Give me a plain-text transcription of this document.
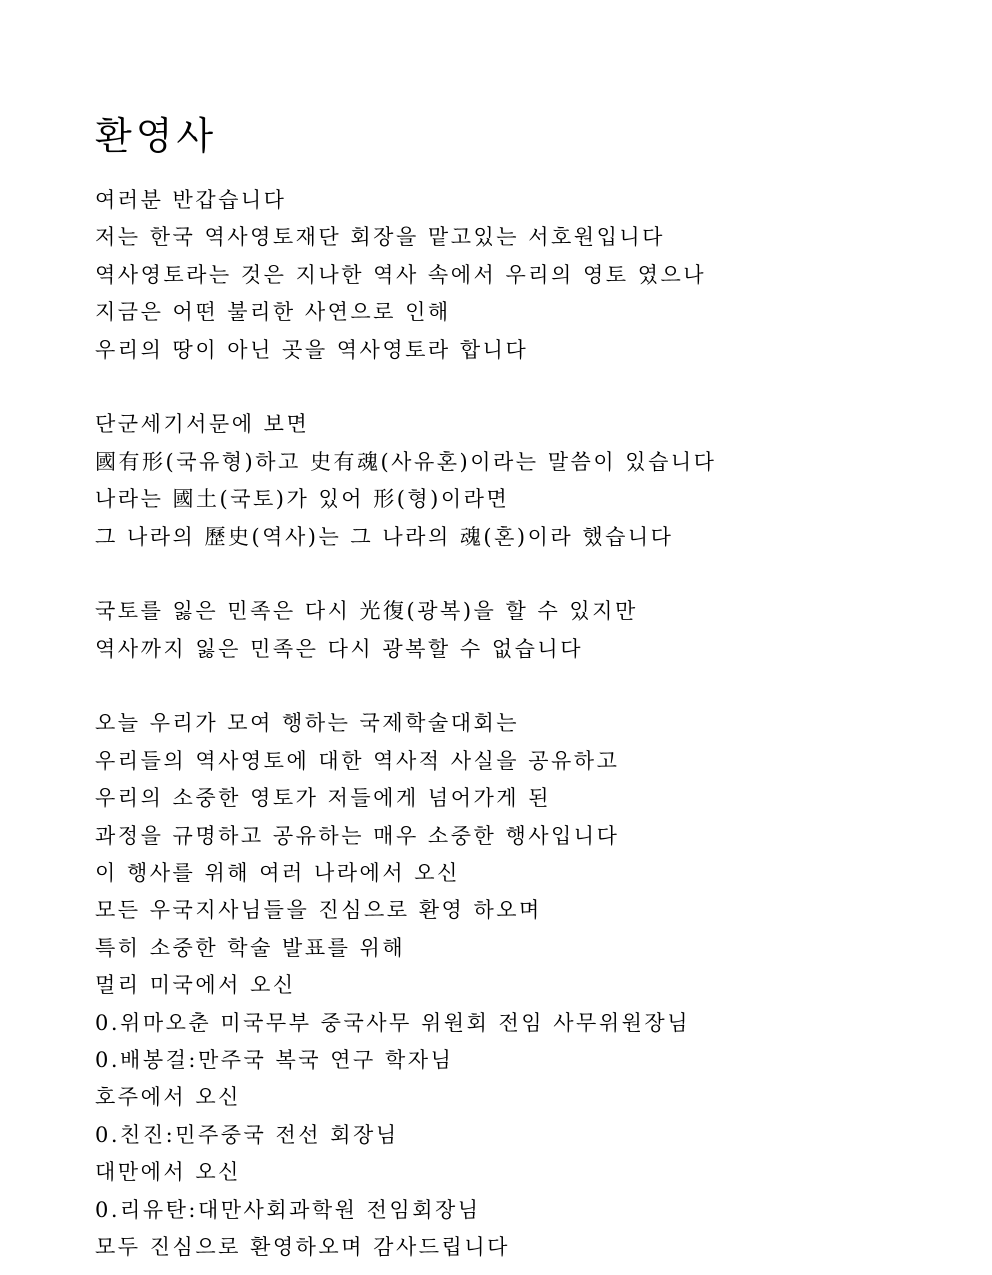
환영사
여러분 반갑습니다
저는 한국 역사영토재단 회장을 맡고있는 서호원입니다
역사영토라는 것은 지나한 역사 속에서 우리의 영토 였으나
지금은 어떤 불리한 사연으로 인해
우리의 땅이 아닌 곳을 역사영토라 합니다
단군세기서문에 보면
國有形(국유형)하고 史有魂(사유혼)이라는 말씀이 있습니다
나라는 國土(국토)가 있어 形(형)이라면
그 나라의 歷史(역사)는 그 나라의 魂(혼)이라 했습니다
국토를 잃은 민족은 다시 光復(광복)을 할 수 있지만
역사까지 잃은 민족은 다시 광복할 수 없습니다
오늘 우리가 모여 행하는 국제학술대회는
우리들의 역사영토에 대한 역사적 사실을 공유하고
우리의 소중한 영토가 저들에게 넘어가게 된
과정을 규명하고 공유하는 매우 소중한 행사입니다
이 행사를 위해 여러 나라에서 오신
모든 우국지사님들을 진심으로 환영 하오며
특히 소중한 학술 발표를 위해
멀리 미국에서 오신
0.위마오춘 미국무부 중국사무 위원회 전임 사무위원장님
0.배봉걸:만주국 복국 연구 학자님
호주에서 오신
0.친진:민주중국 전선 회장님
대만에서 오신
0.리유탄:대만사회과학원 전임회장님
모두 진심으로 환영하오며 감사드립니다
